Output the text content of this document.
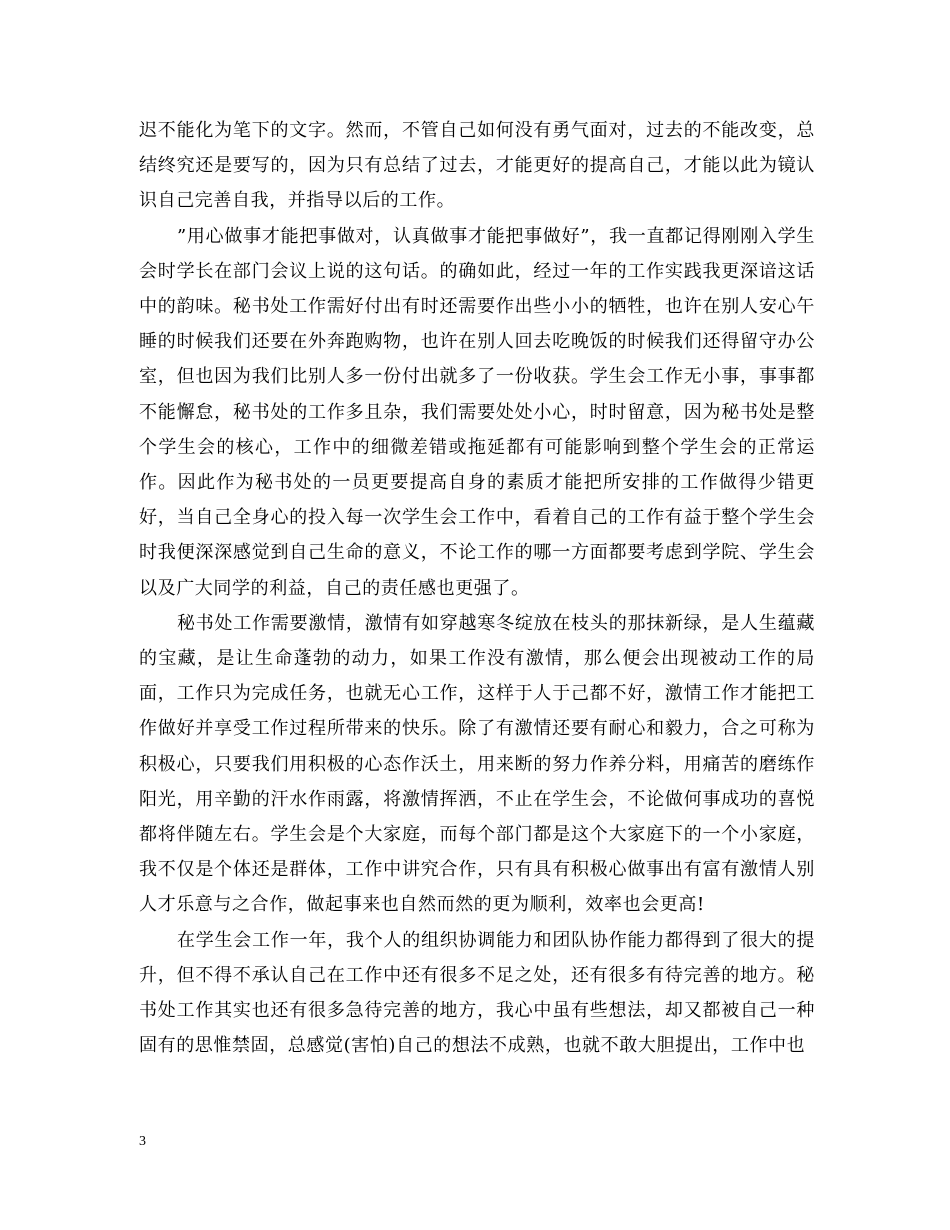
迟不能化为笔下的文字。然而，不管自己如何没有勇气面对，过去的不能改变，总结终究还是要写的，因为只有总结了过去，才能更好的提高自己，才能以此为镜认识自己完善自我，并指导以后的工作。

”用心做事才能把事做对，认真做事才能把事做好”，我一直都记得刚刚入学生会时学长在部门会议上说的这句话。的确如此，经过一年的工作实践我更深谙这话中的韵味。秘书处工作需好付出有时还需要作出些小小的牺牲，也许在别人安心午睡的时候我们还要在外奔跑购物，也许在别人回去吃晚饭的时候我们还得留守办公室，但也因为我们比别人多一份付出就多了一份收获。学生会工作无小事，事事都不能懈怠，秘书处的工作多且杂，我们需要处处小心，时时留意，因为秘书处是整个学生会的核心，工作中的细微差错或拖延都有可能影响到整个学生会的正常运作。因此作为秘书处的一员更要提高自身的素质才能把所安排的工作做得少错更好，当自己全身心的投入每一次学生会工作中，看着自己的工作有益于整个学生会时我便深深感觉到自己生命的意义，不论工作的哪一方面都要考虑到学院、学生会以及广大同学的利益，自己的责任感也更强了。

秘书处工作需要激情，激情有如穿越寒冬绽放在枝头的那抹新绿，是人生蕴藏的宝藏，是让生命蓬勃的动力，如果工作没有激情，那么便会出现被动工作的局面，工作只为完成任务，也就无心工作，这样于人于己都不好，激情工作才能把工作做好并享受工作过程所带来的快乐。除了有激情还要有耐心和毅力，合之可称为积极心，只要我们用积极的心态作沃土，用来断的努力作养分料，用痛苦的磨练作阳光，用辛勤的汗水作雨露，将激情挥洒，不止在学生会，不论做何事成功的喜悦都将伴随左右。学生会是个大家庭，而每个部门都是这个大家庭下的一个小家庭，我不仅是个体还是群体，工作中讲究合作，只有具有积极心做事出有富有激情人别人才乐意与之合作，做起事来也自然而然的更为顺利，效率也会更高!

在学生会工作一年，我个人的组织协调能力和团队协作能力都得到了很大的提升，但不得不承认自己在工作中还有很多不足之处，还有很多有待完善的地方。秘书处工作其实也还有很多急待完善的地方，我心中虽有些想法，却又都被自己一种固有的思惟禁固，总感觉(害怕)自己的想法不成熟，也就不敢大胆提出，工作中也

3
